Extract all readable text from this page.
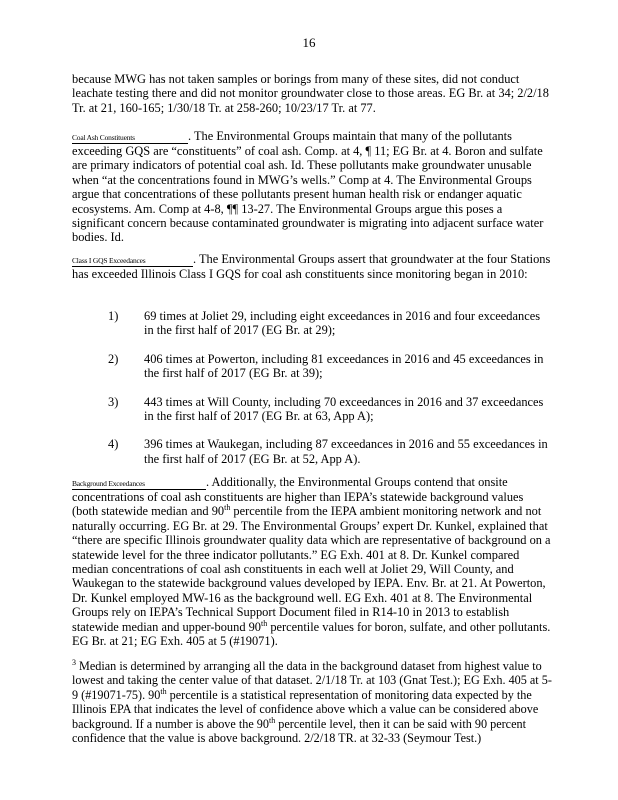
16

because MWG has not taken samples or borings from many of these sites, did not conduct leachate testing there and did not monitor groundwater close to those areas. EG Br. at 34; 2/2/18 Tr. at 21, 160-165; 1/30/18 Tr. at 258-260; 10/23/17 Tr. at 77.

Coal Ash Constituents	. The Environmental Groups maintain that many of the pollutants exceeding GQS are “constituents” of coal ash. Comp. at 4, ¶ 11; EG Br. at 4. Boron and sulfate are primary indicators of potential coal ash. Id. These pollutants make groundwater unusable when “at the concentrations found in MWG’s wells.” Comp at 4. The Environmental Groups argue that concentrations of these pollutants present human health risk or endanger aquatic ecosystems. Am. Comp at 4-8, ¶¶ 13-27. The Environmental Groups argue this poses a significant concern because contaminated groundwater is migrating into adjacent surface water bodies. Id.

Class I GQS Exceedances	. The Environmental Groups assert that groundwater at the four Stations has exceeded Illinois Class I GQS for coal ash constituents since monitoring began in 2010:

1)	69 times at Joliet 29, including eight exceedances in 2016 and four exceedances in the first half of 2017 (EG Br. at 29);
2)	406 times at Powerton, including 81 exceedances in 2016 and 45 exceedances in the first half of 2017 (EG Br. at 39);
3)	443 times at Will County, including 70 exceedances in 2016 and 37 exceedances in the first half of 2017 (EG Br. at 63, App A);
4)	396 times at Waukegan, including 87 exceedances in 2016 and 55 exceedances in the first half of 2017 (EG Br. at 52, App A).

Background Exceedances	. Additionally, the Environmental Groups contend that onsite concentrations of coal ash constituents are higher than IEPA’s statewide background values (both statewide median and 90th percentile from the IEPA ambient monitoring network and not naturally occurring. EG Br. at 29. The Environmental Groups’ expert Dr. Kunkel, explained that “there are specific Illinois groundwater quality data which are representative of background on a statewide level for the three indicator pollutants.” EG Exh. 401 at 8. Dr. Kunkel compared median concentrations of coal ash constituents in each well at Joliet 29, Will County, and Waukegan to the statewide background values developed by IEPA. Env. Br. at 21. At Powerton, Dr. Kunkel employed MW-16 as the background well. EG Exh. 401 at 8. The Environmental Groups rely on IEPA’s Technical Support Document filed in R14-10 in 2013 to establish statewide median and upper-bound 90th percentile values for boron, sulfate, and other pollutants. EG Br. at 21; EG Exh. 405 at 5 (#19071).

$^3$ Median is determined by arranging all the data in the background dataset from highest value to lowest and taking the center value of that dataset. 2/1/18 Tr. at 103 (Gnat Test.); EG Exh. 405 at 5-9 (#19071-75). 90th percentile is a statistical representation of monitoring data expected by the Illinois EPA that indicates the level of confidence above which a value can be considered above background. If a number is above the 90th percentile level, then it can be said with 90 percent confidence that the value is above background. 2/2/18 TR. at 32-33 (Seymour Test.)
